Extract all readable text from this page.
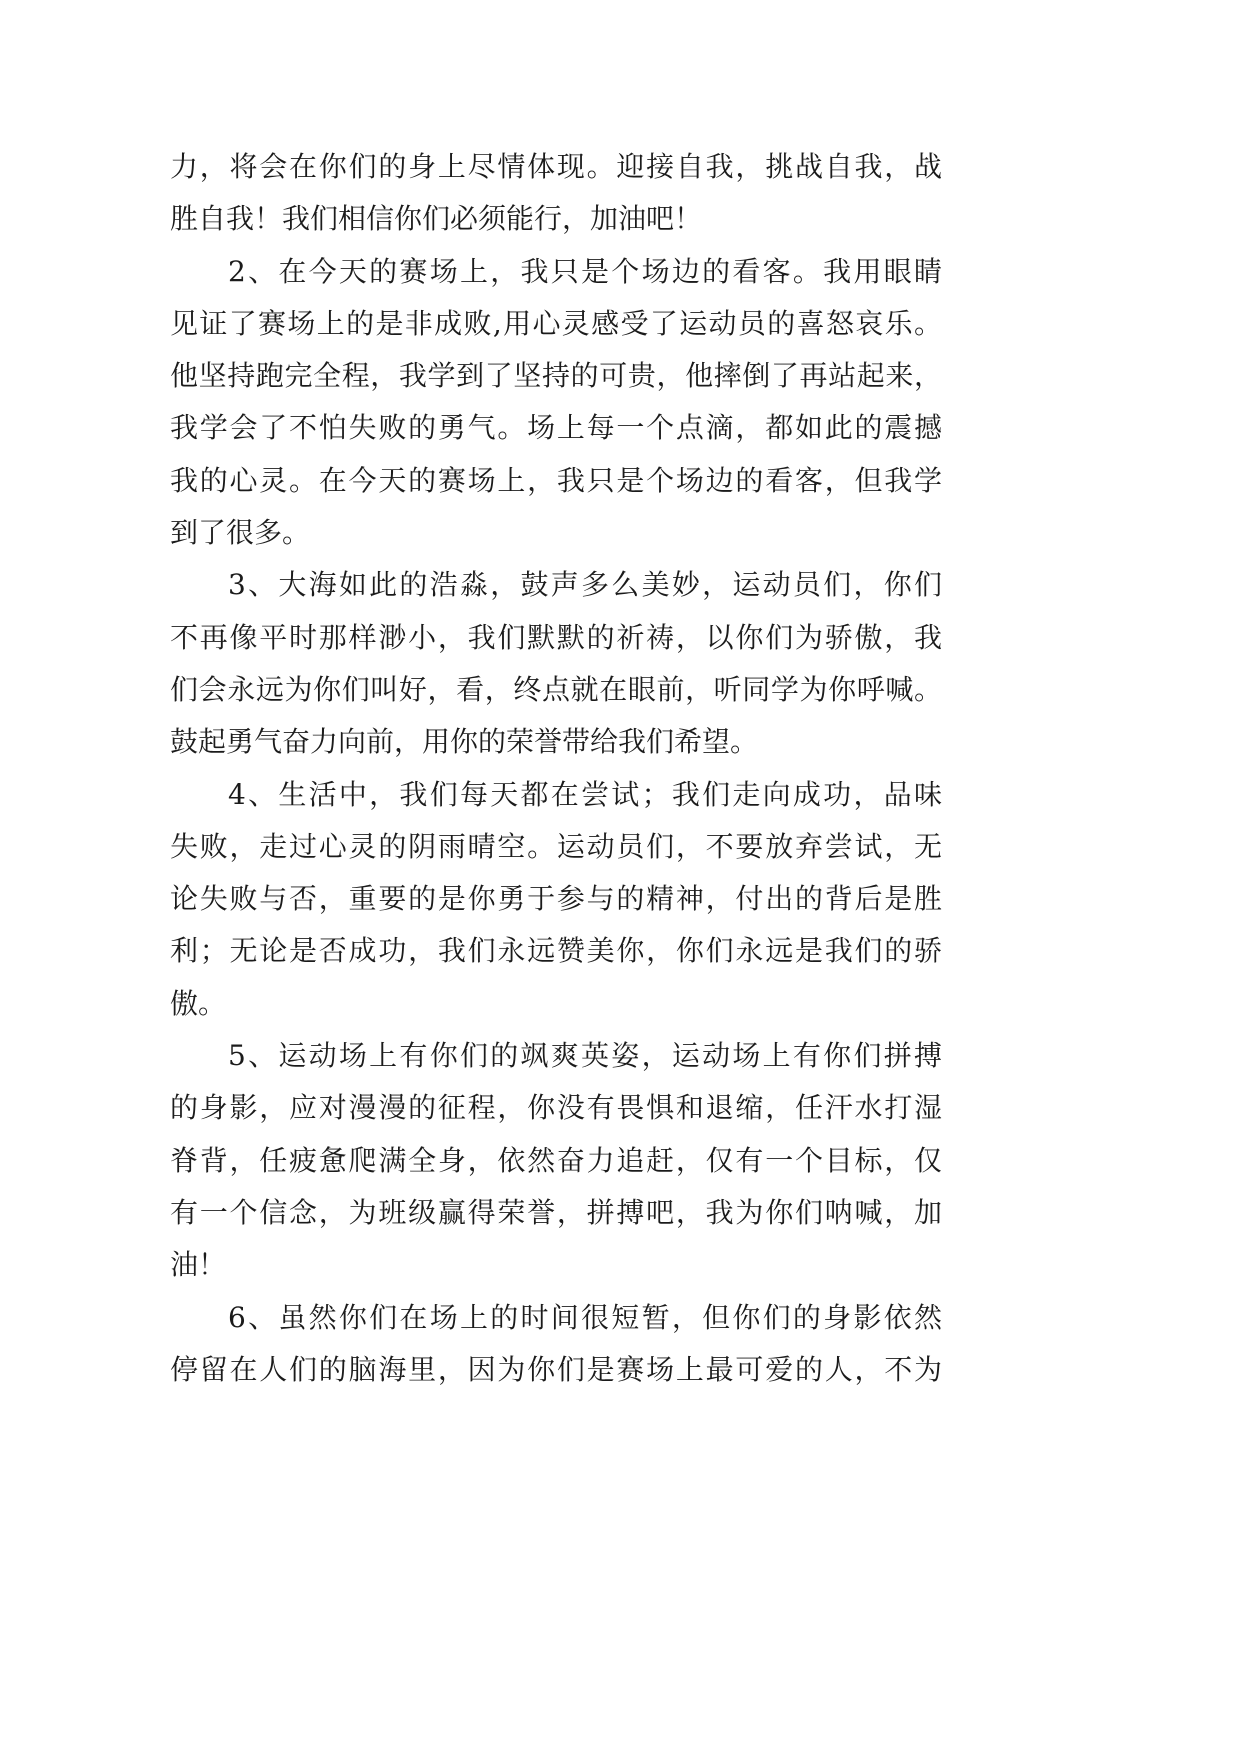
力，将会在你们的身上尽情体现。迎接自我，挑战自我，战
胜自我！我们相信你们必须能行，加油吧！
2、在今天的赛场上，我只是个场边的看客。我用眼睛
见证了赛场上的是非成败,用心灵感受了运动员的喜怒哀乐。
他坚持跑完全程，我学到了坚持的可贵，他摔倒了再站起来，
我学会了不怕失败的勇气。场上每一个点滴，都如此的震撼
我的心灵。在今天的赛场上，我只是个场边的看客，但我学
到了很多。
3、大海如此的浩淼，鼓声多么美妙，运动员们，你们
不再像平时那样渺小，我们默默的祈祷，以你们为骄傲，我
们会永远为你们叫好，看，终点就在眼前，听同学为你呼喊。
鼓起勇气奋力向前，用你的荣誉带给我们希望。
4、生活中，我们每天都在尝试；我们走向成功，品味
失败，走过心灵的阴雨晴空。运动员们，不要放弃尝试，无
论失败与否，重要的是你勇于参与的精神，付出的背后是胜
利；无论是否成功，我们永远赞美你，你们永远是我们的骄
傲。
5、运动场上有你们的飒爽英姿，运动场上有你们拼搏
的身影，应对漫漫的征程，你没有畏惧和退缩，任汗水打湿
脊背，任疲惫爬满全身，依然奋力追赶，仅有一个目标，仅
有一个信念，为班级赢得荣誉，拼搏吧，我为你们呐喊，加
油！
6、虽然你们在场上的时间很短暂，但你们的身影依然
停留在人们的脑海里，因为你们是赛场上最可爱的人，不为
